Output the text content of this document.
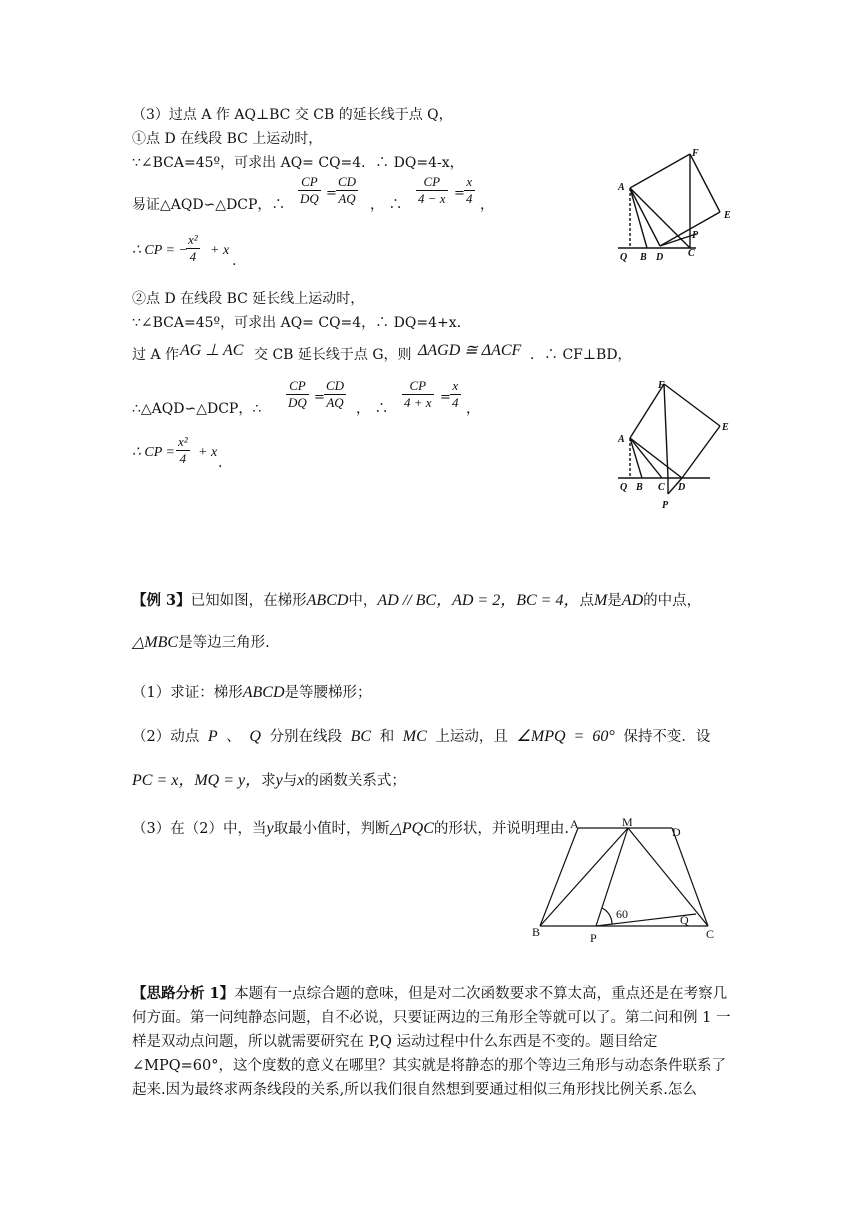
（3）过点 A 作 AQ⊥BC 交 CB 的延长线于点 Q，
①点 D 在线段 BC 上运动时，
∵∠BCA=45º，可求出 AQ= CQ=4．∴ DQ=4-x，
易证△AQD∽△DCP，∴ $\frac{CP}{DQ} = \frac{CD}{AQ}$ ， ∴ $\frac{CP}{4 - x} = \frac{x}{4}$ ，
∴ CP = −
$\frac{\text{x²}}{4} + x$
.
②点 D 在线段 BC 延长线上运动时，
∵∠BCA=45º，可求出 AQ= CQ=4，∴ DQ=4+x.
过 A 作 AG ⊥ AC 交 CB 延长线于点 G，则 ΔAGD ≅ ΔACF ．∴ CF⊥BD，
∴△AQD∽△DCP，∴ $\frac{CP}{DQ} = \frac{CD}{AQ}$ ， ∴ $\frac{CP}{4 + x} = \frac{x}{4}$ ，
∴ CP = $\frac{\text{x²}}{4} + x$
.
A
F
E
P
Q B D C
F
A
E
Q B C D
P
【例 3】已知如图，在梯形ABCD中，AD // BC，AD = 2，BC = 4，点M是AD的中点，
△MBC是等边三角形.
（1）求证：梯形ABCD是等腰梯形；
（2）动点 P 、 Q 分别在线段 BC 和 MC 上运动，且 ∠MPQ = 60° 保持不变．设
PC = x，MQ = y，求y与x的函数关系式；
（3）在（2）中，当y取最小值时，判断△PQC的形状，并说明理由. A	M
D
B	P
Q
C
60
【思路分析 1】本题有一点综合题的意味，但是对二次函数要求不算太高，重点还是在考察几何方面。第一问纯静态问题，自不必说，只要证两边的三角形全等就可以了。第二问和例 1 一样是双动点问题，所以就需要研究在 P,Q 运动过程中什么东西是不变的。题目给定∠MPQ=60°，这个度数的意义在哪里？其实就是将静态的那个等边三角形与动态条件联系了起来.因为最终求两条线段的关系,所以我们很自然想到要通过相似三角形找比例关系.怎么
